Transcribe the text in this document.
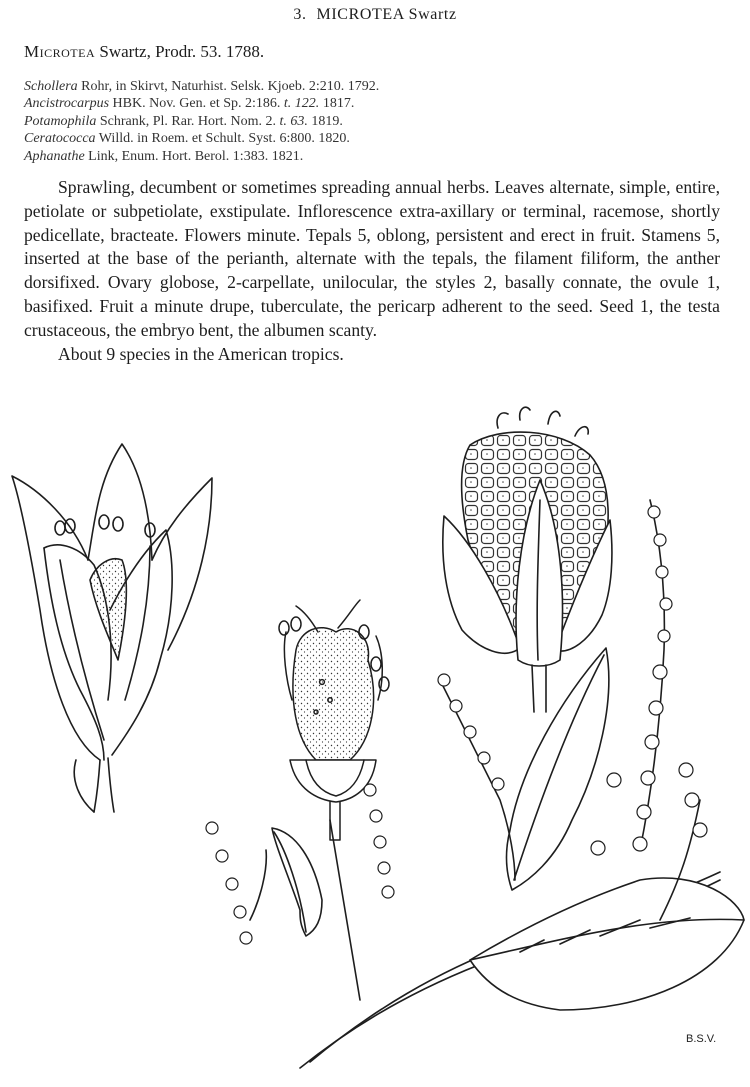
3. MICROTEA Swartz
Microtea Swartz, Prodr. 53. 1788.
Schollera Rohr, in Skirvt, Naturhist. Selsk. Kjoeb. 2:210. 1792.
Ancistrocarpus HBK. Nov. Gen. et Sp. 2:186. t. 122. 1817.
Potamophila Schrank, Pl. Rar. Hort. Nom. 2. t. 63. 1819.
Ceratococca Willd. in Roem. et Schult. Syst. 6:800. 1820.
Aphanathe Link, Enum. Hort. Berol. 1:383. 1821.

Sprawling, decumbent or sometimes spreading annual herbs. Leaves alternate, simple, entire, petiolate or subpetiolate, exstipulate. Inflorescence extra-axillary or terminal, racemose, shortly pedicellate, bracteate. Flowers minute. Tepals 5, oblong, persistent and erect in fruit. Stamens 5, inserted at the base of the perianth, alternate with the tepals, the filament filiform, the anther dorsifixed. Ovary globose, 2-carpellate, unilocular, the styles 2, basally connate, the ovule 1, basifixed. Fruit a minute drupe, tuberculate, the pericarp adherent to the seed. Seed 1, the testa crustaceous, the embryo bent, the albumen scanty.

About 9 species in the American tropics.

B.S.V.
